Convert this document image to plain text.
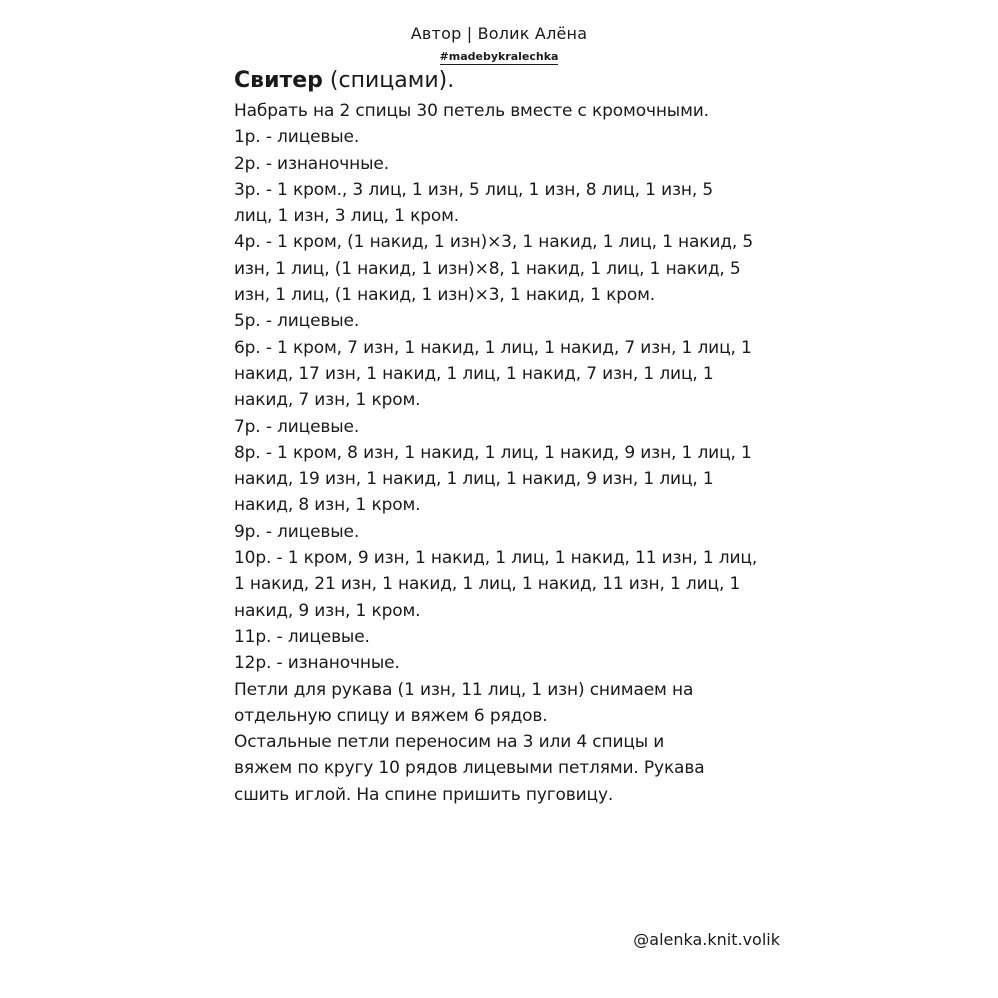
Автор | Волик Алёна
#madebykralechka
Свитер (спицами).
Набрать на 2 спицы 30 петель вместе с кромочными.
1р. - лицевые.
2р. - изнаночные.
3р. - 1 кром., 3 лиц, 1 изн, 5 лиц, 1 изн, 8 лиц, 1 изн, 5
лиц, 1 изн, 3 лиц, 1 кром.
4р. - 1 кром, (1 накид, 1 изн)×3, 1 накид, 1 лиц, 1 накид, 5
изн, 1 лиц, (1 накид, 1 изн)×8, 1 накид, 1 лиц, 1 накид, 5
изн, 1 лиц, (1 накид, 1 изн)×3, 1 накид, 1 кром.
5р. - лицевые.
6р. - 1 кром, 7 изн, 1 накид, 1 лиц, 1 накид, 7 изн, 1 лиц, 1
накид, 17 изн, 1 накид, 1 лиц, 1 накид, 7 изн, 1 лиц, 1
накид, 7 изн, 1 кром.
7р. - лицевые.
8р. - 1 кром, 8 изн, 1 накид, 1 лиц, 1 накид, 9 изн, 1 лиц, 1
накид, 19 изн, 1 накид, 1 лиц, 1 накид, 9 изн, 1 лиц, 1
накид, 8 изн, 1 кром.
9р. - лицевые.
10р. - 1 кром, 9 изн, 1 накид, 1 лиц, 1 накид, 11 изн, 1 лиц,
1 накид, 21 изн, 1 накид, 1 лиц, 1 накид, 11 изн, 1 лиц, 1
накид, 9 изн, 1 кром.
11р. - лицевые.
12р. - изнаночные.
Петли для рукава (1 изн, 11 лиц, 1 изн) снимаем на
отдельную спицу и вяжем 6 рядов.
Остальные петли переносим на 3 или 4 спицы и
вяжем по кругу 10 рядов лицевыми петлями. Рукава
сшить иглой. На спине пришить пуговицу.
@alenka.knit.volik
